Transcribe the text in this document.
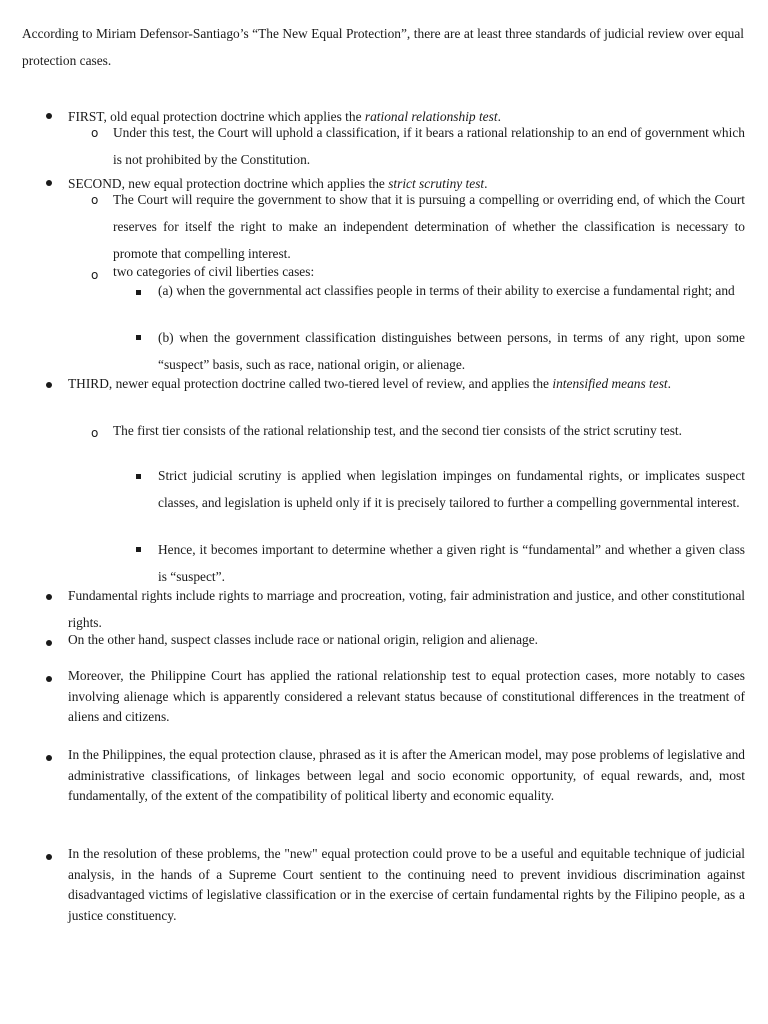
According to Miriam Defensor-Santiago’s “The New Equal Protection”, there are at least three standards of judicial review over equal protection cases.

FIRST, old equal protection doctrine which applies the rational relationship test.

o Under this test, the Court will uphold a classification, if it bears a rational relationship to an end of government which is not prohibited by the Constitution.

SECOND, new equal protection doctrine which applies the strict scrutiny test.

o The Court will require the government to show that it is pursuing a compelling or overriding end, of which the Court reserves for itself the right to make an independent determination of whether the classification is necessary to promote that compelling interest.

o two categories of civil liberties cases:

(a) when the governmental act classifies people in terms of their ability to exercise a fundamental right; and

(b) when the government classification distinguishes between persons, in terms of any right, upon some “suspect” basis, such as race, national origin, or alienage.

THIRD, newer equal protection doctrine called two-tiered level of review, and applies the intensified means test.

o The first tier consists of the rational relationship test, and the second tier consists of the strict scrutiny test.

Strict judicial scrutiny is applied when legislation impinges on fundamental rights, or implicates suspect classes, and legislation is upheld only if it is precisely tailored to further a compelling governmental interest.

Hence, it becomes important to determine whether a given right is “fundamental” and whether a given class is “suspect”.

Fundamental rights include rights to marriage and procreation, voting, fair administration and justice, and other constitutional rights.

On the other hand, suspect classes include race or national origin, religion and alienage.

Moreover, the Philippine Court has applied the rational relationship test to equal protection cases, more notably to cases involving alienage which is apparently considered a relevant status because of constitutional differences in the treatment of aliens and citizens.

In the Philippines, the equal protection clause, phrased as it is after the American model, may pose problems of legislative and administrative classifications, of linkages between legal and socio economic opportunity, of equal rewards, and, most fundamentally, of the extent of the compatibility of political liberty and economic equality.

In the resolution of these problems, the "new" equal protection could prove to be a useful and equitable technique of judicial analysis, in the hands of a Supreme Court sentient to the continuing need to prevent invidious discrimination against disadvantaged victims of legislative classification or in the exercise of certain fundamental rights by the Filipino people, as a justice constituency.
